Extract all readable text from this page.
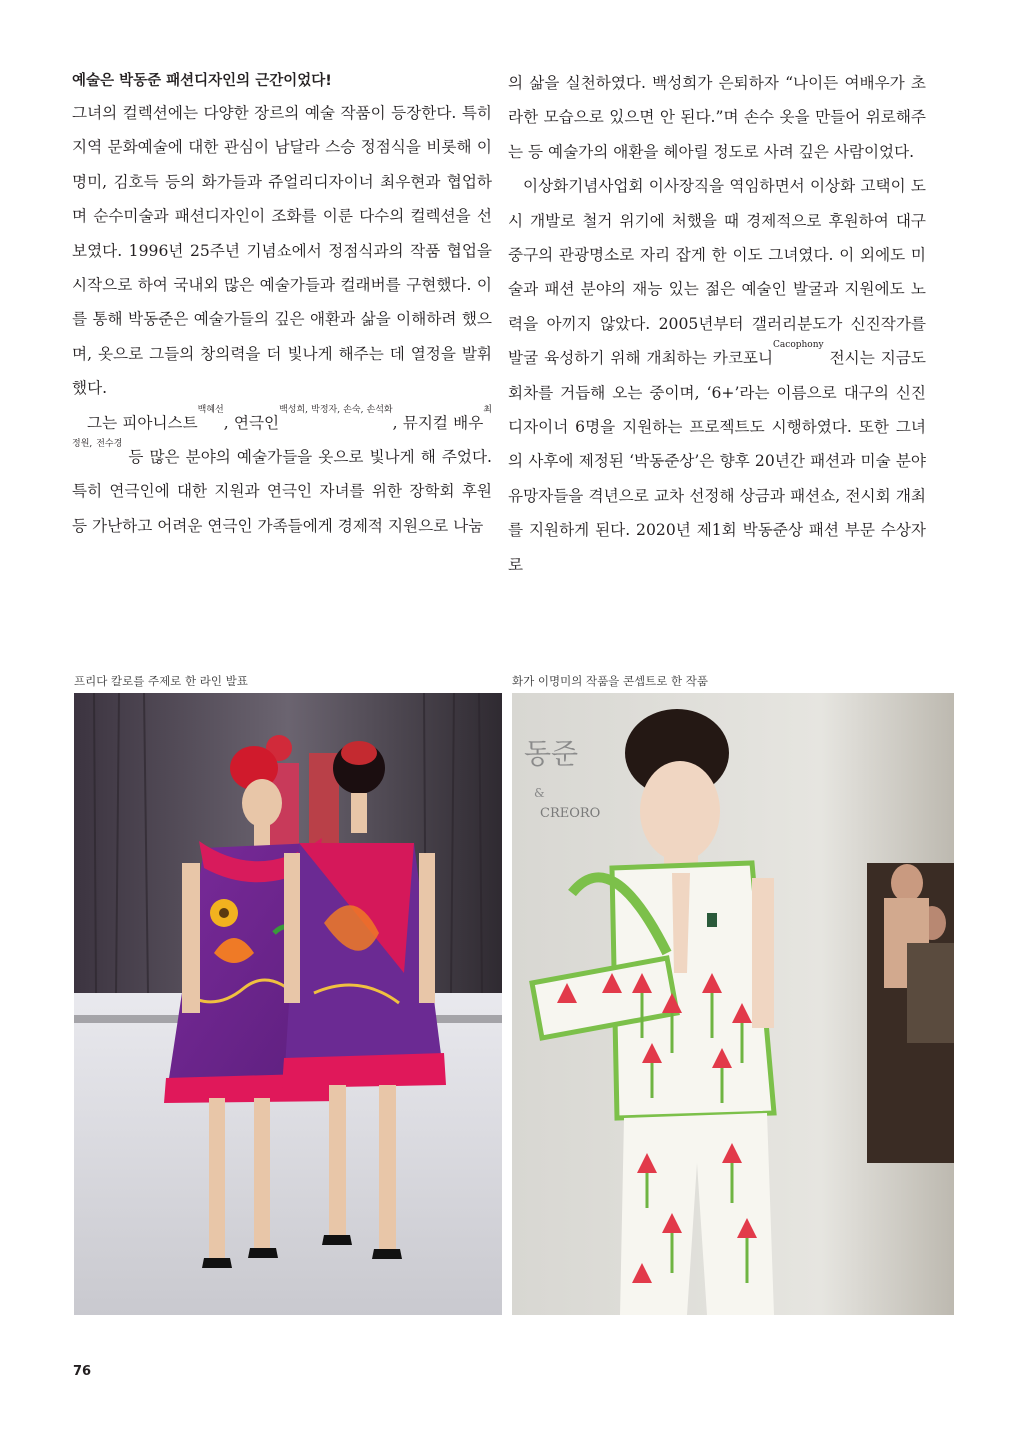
예술은 박동준 패션디자인의 근간이었다!

그녀의 컬렉션에는 다양한 장르의 예술 작품이 등장한다. 특히 지역 문화예술에 대한 관심이 남달라 스승 정점식을 비롯해 이명미, 김호득 등의 화가들과 쥬얼리디자이너 최우현과 협업하며 순수미술과 패션디자인이 조화를 이룬 다수의 컬렉션을 선보였다. 1996년 25주년 기념쇼에서 정점식과의 작품 협업을 시작으로 하여 국내외 많은 예술가들과 컬래버를 구현했다. 이를 통해 박동준은 예술가들의 깊은 애환과 삶을 이해하려 했으며, 옷으로 그들의 창의력을 더 빛나게 해주는 데 열정을 발휘했다.

그는 피아니스트$^{백혜선}$, 연극인$^{백성희, 박정자, 손숙, 손석화}$, 뮤지컬 배우$^{최정원, 전수경}$ 등 많은 분야의 예술가들을 옷으로 빛나게 해 주었다. 특히 연극인에 대한 지원과 연극인 자녀를 위한 장학회 후원 등 가난하고 어려운 연극인 가족들에게 경제적 지원으로 나눔

의 삶을 실천하였다. 백성희가 은퇴하자 “나이든 여배우가 초라한 모습으로 있으면 안 된다.”며 손수 옷을 만들어 위로해주는 등 예술가의 애환을 헤아릴 정도로 사려 깊은 사람이었다.

이상화기념사업회 이사장직을 역임하면서 이상화 고택이 도시 개발로 철거 위기에 처했을 때 경제적으로 후원하여 대구 중구의 관광명소로 자리 잡게 한 이도 그녀였다. 이 외에도 미술과 패션 분야의 재능 있는 젊은 예술인 발굴과 지원에도 노력을 아끼지 않았다. 2005년부터 갤러리분도가 신진작가를 발굴 육성하기 위해 개최하는 카코포니$^{Cacophony}$ 전시는 지금도 회차를 거듭해 오는 중이며, ‘6+’라는 이름으로 대구의 신진 디자이너 6명을 지원하는 프로젝트도 시행하였다. 또한 그녀의 사후에 제정된 ‘박동준상’은 향후 20년간 패션과 미술 분야 유망자들을 격년으로 교차 선정해 상금과 패션쇼, 전시회 개최를 지원하게 된다. 2020년 제1회 박동준상 패션 부문 수상자로

프리다 칼로를 주제로 한 라인 발표	화가 이명미의 작품을 콘셉트로 한 작품
동준
&
CREORO
76
